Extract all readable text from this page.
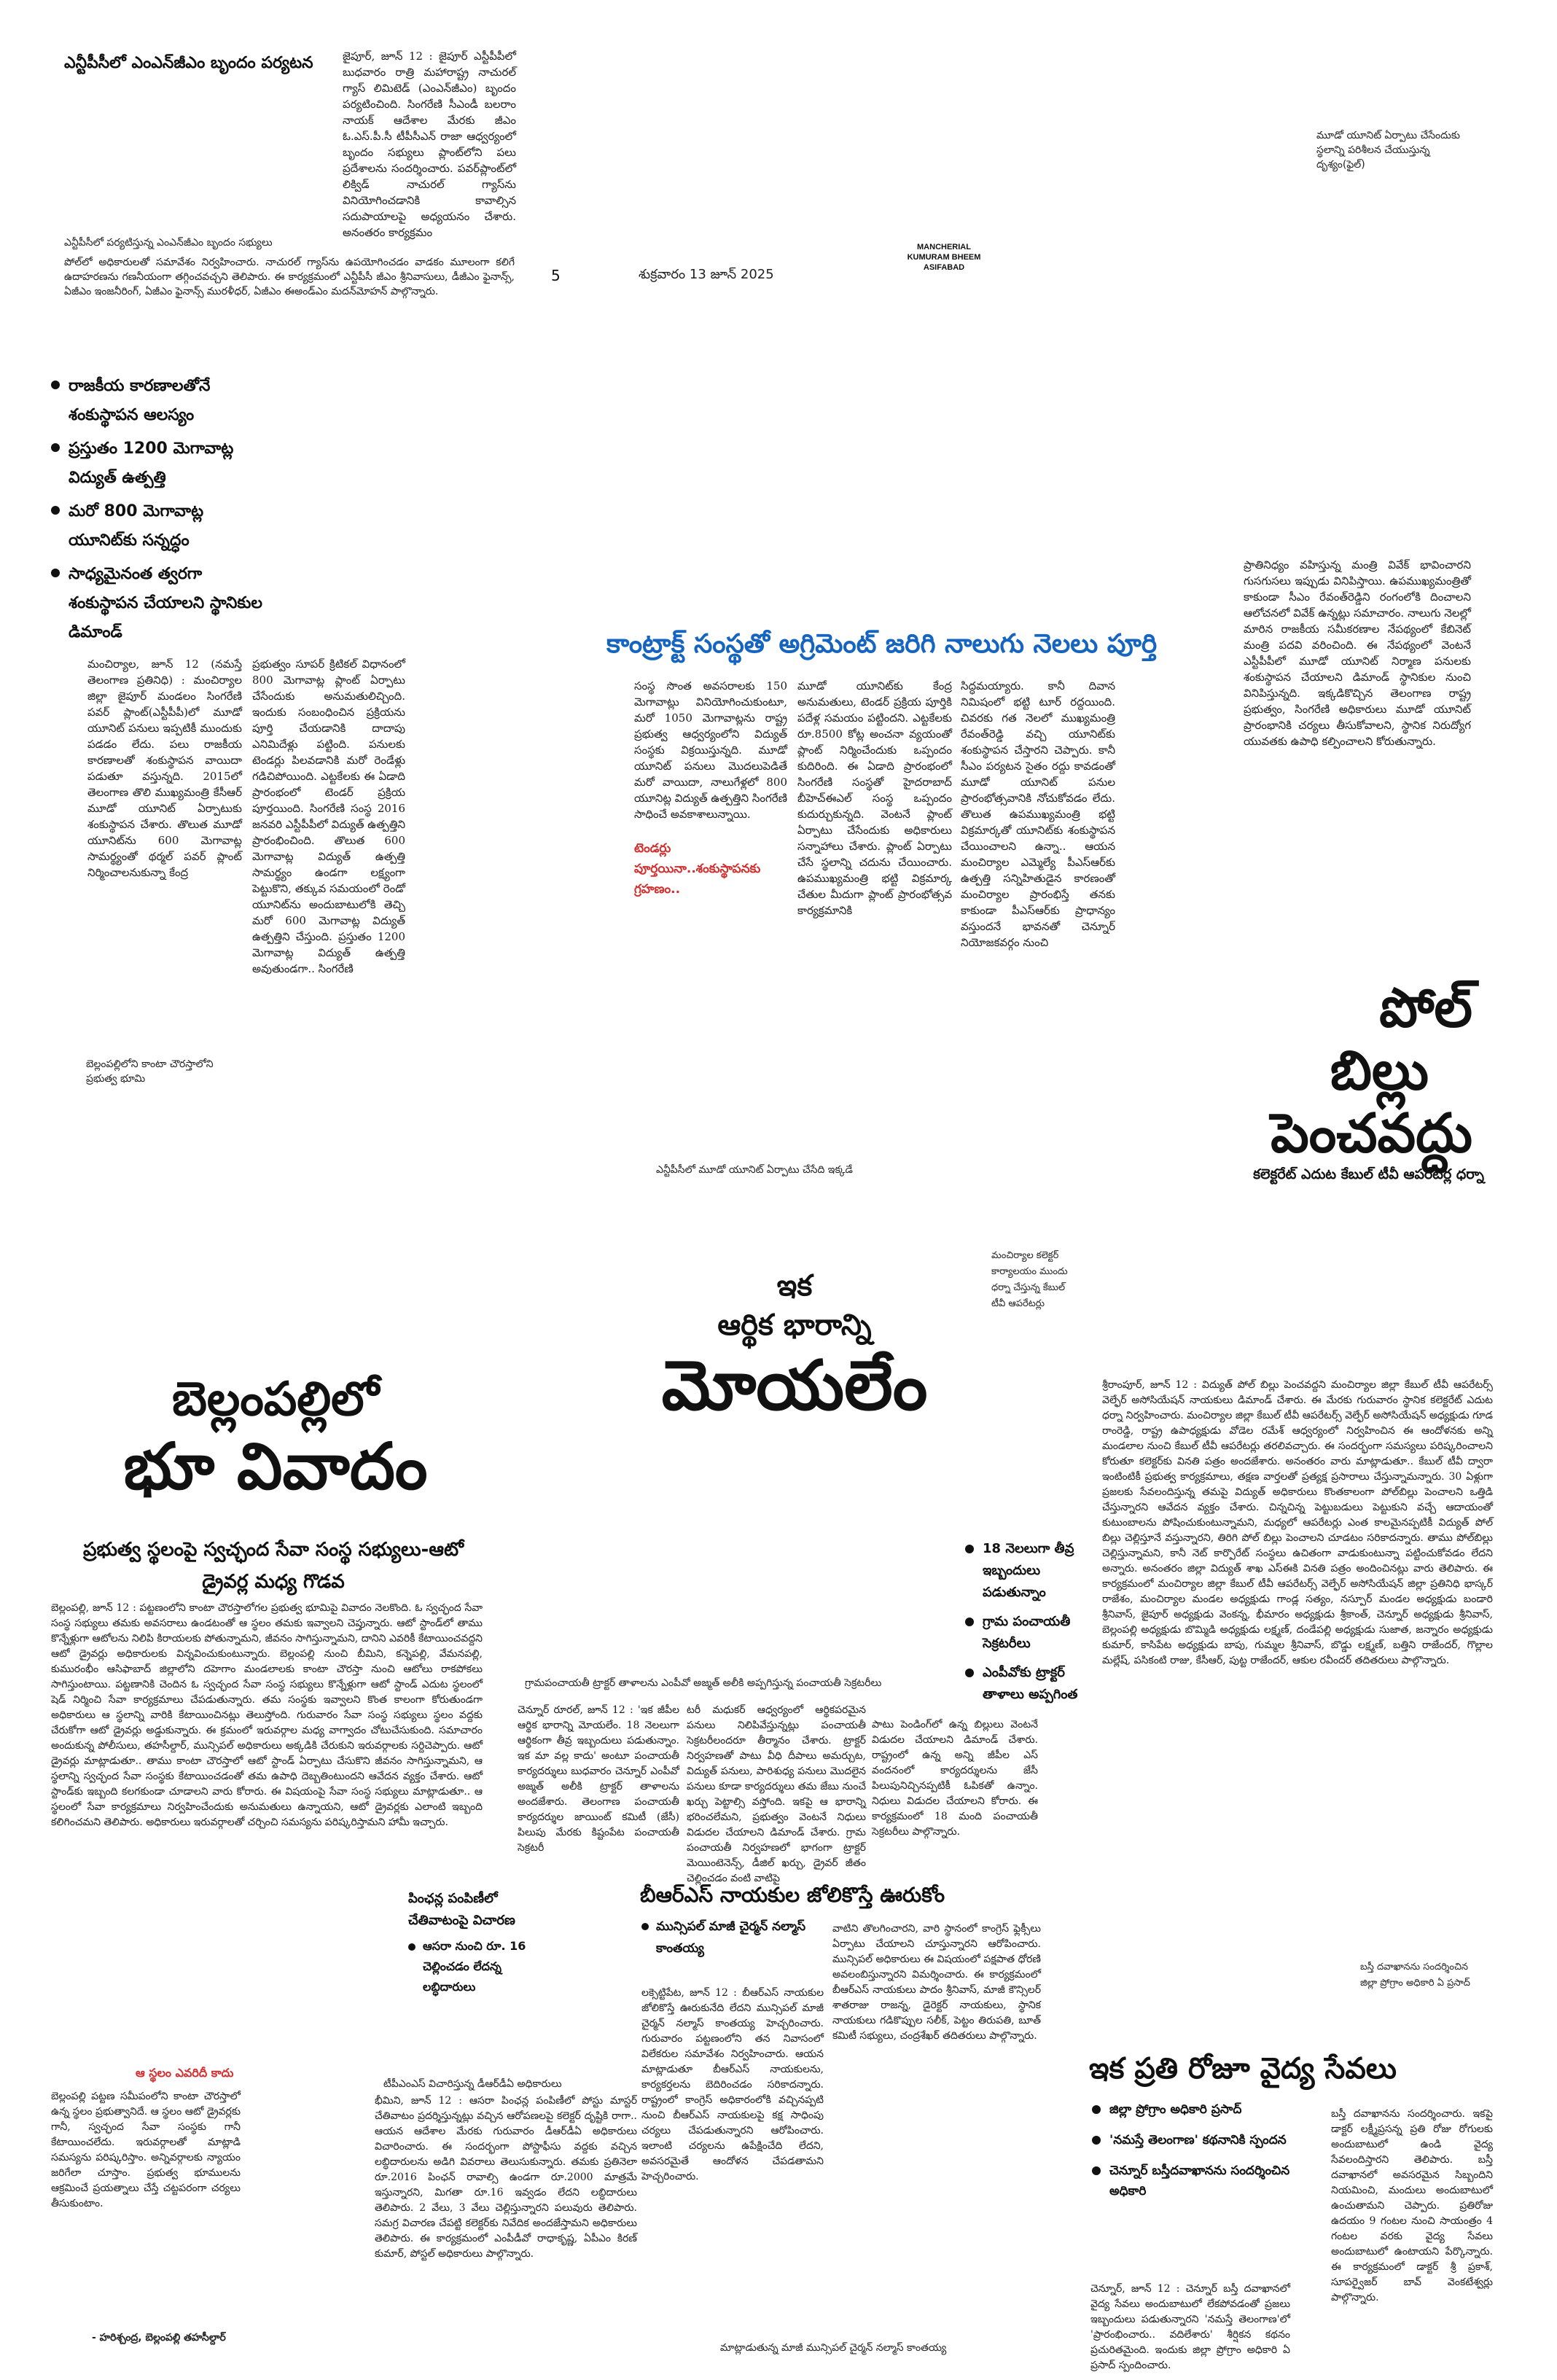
5	శుక్రవారం 13 జూన్ 2025
MANCHERIAL
KUMURAM BHEEM
ASIFABAD
ఎన్టీపీసీలో ఎంఎన్‌జీఎం బృందం పర్యటన	జైపూర్, జూన్ 12 : జైపూర్ ఎస్టీపీపీలో బుధవారం రాత్రి మహారాష్ట్ర నాచురల్ గ్యాస్ లిమిటెడ్ (ఎంఎన్‌జీఎం) బృందం పర్యటించింది. సింగరేణి సీఎండీ బలరాం నాయక్ ఆదేశాల మేరకు జీఎం ఓ.ఎస్.పీ.సీ టీపీసీఎన్ రాజా ఆధ్వర్యంలో బృందం సభ్యులు ప్లాంట్‌లోని పలు ప్రదేశాలను సందర్శించారు. పవర్‌ప్లాంట్‌లో లిక్విడ్ నాచురల్ గ్యాస్‌ను వినియోగించడానికి కావాల్సిన సదుపాయాలపై అధ్యయనం చేశారు. అనంతరం కార్యక్రమం
ఎన్టీపీసీలో పర్యటిస్తున్న ఎంఎన్‌జీఎం బృందం సభ్యులు
పోల్‌లో అధికారులతో సమావేశం నిర్వహించారు. నాచురల్ గ్యాస్‌ను ఉపయోగించడం వాడకం మూలంగా కలిగే ఉదాహరణను గణనీయంగా తగ్గించవచ్చని తెలిపారు. ఈ కార్యక్రమంలో ఎన్టీపీసీ జీఎం శ్రీనివాసులు, డీజీఎం ఫైనాన్స్, ఏజీఎం ఇంజనీరింగ్, ఏజీఎం ఫైనాన్స్ మురళీధర్, ఏజీఎం ఈఅండ్‌ఎం మదన్‌మోహన్ పాల్గొన్నారు.
మూడో యూనిట్ ఏర్పాటు చేసేందుకు స్థలాన్ని పరిశీలన చేయుస్తున్న దృశ్యం(ఫైల్)
రాజకీయ కారణాలతోనే శంకుస్థాపన ఆలస్యం
ప్రస్తుతం 1200 మెగావాట్ల విద్యుత్ ఉత్పత్తి
మరో 800 మెగావాట్ల యూనిట్‌కు సన్నద్ధం
సాధ్యమైనంత త్వరగా శంకుస్థాపన చేయాలని స్థానికుల డిమాండ్	కాంట్రాక్ట్ సంస్థతో అగ్రిమెంట్ జరిగి నాలుగు నెలలు పూర్తి
మంచిర్యాల, జూన్ 12 (నమస్తే తెలంగాణ ప్రతినిధి) : మంచిర్యాల జిల్లా జైపూర్ మండలం సింగరేణి పవర్ ప్లాంట్(ఎస్టీపీపీ)లో మూడో యూనిట్ పనులు ఇప్పటికీ ముందుకు పడడం లేదు. పలు రాజకీయ కారణాలతో శంకుస్థాపన వాయిదా పడుతూ వస్తున్నది. 2015లో తెలంగాణ తొలి ముఖ్యమంత్రి కేసీఆర్ మూడో యూనిట్ ఏర్పాటుకు శంకుస్థాపన చేశారు. తొలుత మూడో యూనిట్‌ను 600 మెగావాట్ల సామర్థ్యంతో థర్మల్ పవర్ ప్లాంట్ నిర్మించాలనుకున్నా కేంద్ర
ప్రభుత్వం సూపర్ క్రిటికల్ విధానంలో 800 మెగావాట్ల ప్లాంట్ ఏర్పాటు చేసేందుకు అనుమతులిచ్చింది. ఇందుకు సంబంధించిన ప్రక్రియను పూర్తి చేయడానికి దాదాపు ఎనిమిదేళ్లు పట్టింది. పనులకు టెండర్లు పిలవడానికి మరో రెండేళ్లు గడిచిపోయింది. ఎట్టకేలకు ఈ ఏడాది ప్రారంభంలో టెండర్ ప్రక్రియ పూర్తయింది. సింగరేణి సంస్థ 2016 జనవరి ఎస్టీపీపీలో విద్యుత్ ఉత్పత్తిని ప్రారంభించింది. తొలుత 600 మెగావాట్ల విద్యుత్ ఉత్పత్తి సామర్థ్యం ఉండగా లక్ష్యంగా పెట్టుకొని, తక్కువ సమయంలో రెండో యూనిట్‌ను అందుబాటులోకి తెచ్చి మరో 600 మెగావాట్ల విద్యుత్ ఉత్పత్తిని చేస్తుంది. ప్రస్తుతం 1200 మెగావాట్ల విద్యుత్ ఉత్పత్తి అవుతుండగా.. సింగరేణి
సంస్థ సొంత అవసరాలకు 150 మెగావాట్లు వినియోగించుకుంటూ, మరో 1050 మెగావాట్లను రాష్ట్ర ప్రభుత్వ ఆధ్వర్యంలోని విద్యుత్ సంస్థకు విక్రయిస్తున్నది. మూడో యూనిట్ పనులు మొదలుపెడితే మరో వాయిదా, నాలుగేళ్లలో 800 యూనిట్ల విద్యుత్ ఉత్పత్తిని సింగరేణి సాధించే అవకాశాలున్నాయి.
టెండర్లు పూర్తయినా..శంకుస్థాపనకు గ్రహణం..
మూడో యూనిట్‌కు కేంద్ర అనుమతులు, టెండర్ ప్రక్రియ పూర్తికి పదేళ్ల సమయం పట్టిందని. ఎట్టకేలకు రూ.8500 కోట్ల అంచనా వ్యయంతో ప్లాంట్ నిర్మించేందుకు ఒప్పందం కుదిరింది. ఈ ఏడాది ప్రారంభంలో సింగరేణి సంస్థతో హైదరాబాద్ బీహెచ్ఈఎల్ సంస్థ ఒప్పందం కుదుర్చుకున్నది. వెంటనే ప్లాంట్ ఏర్పాటు చేసేందుకు అధికారులు సన్నాహాలు చేశారు. ప్లాంట్ ఏర్పాటు చేసే స్థలాన్ని చదును చేయించారు. ఉపముఖ్యమంత్రి భట్టి విక్రమార్క చేతుల మీదుగా ప్లాంట్ ప్రారంభోత్సవ కార్యక్రమానికి
సిద్ధమయ్యారు. కానీ దివాన నిమిషంలో భట్టి టూర్ రద్దయింది. చివరకు గత నెలలో ముఖ్యమంత్రి రేవంత్‌రెడ్డి వచ్చి యూనిట్‌కు శంకుస్థాపన చేస్తారని చెప్పారు. కానీ సీఎం పర్యటన సైతం రద్దు కావడంతో మూడో యూనిట్ పనుల ప్రారంభోత్సవానికి నోచుకోవడం లేదు. తొలుత ఉపముఖ్యమంత్రి భట్టి విక్రమార్కతో యూనిట్‌కు శంకుస్థాపన చేయించాలని ఉన్నా.. ఆయన మంచిర్యాల ఎమ్మెల్యే పీఎస్‌ఆర్‌కు ఉత్పత్తి సన్నిహితుడైన కారణంతో మంచిర్యాల ప్రారంభిస్తే తనకు కాకుండా పీఎస్‌ఆర్‌కు ప్రాధాన్యం వస్తుందనే భావనతో చెన్నూర్ నియోజకవర్గం నుంచి
ప్రాతినిధ్యం వహిస్తున్న మంత్రి వివేక్ భావించారని గుసగుసలు ఇప్పుడు వినిపిస్తాయి. ఉపముఖ్యమంత్రితో కాకుండా సీఎం రేవంత్‌రెడ్డిని రంగంలోకి దించాలని ఆలోచనలో వివేక్ ఉన్నట్లు సమాచారం. నాలుగు నెలల్లో మారిన రాజకీయ సమీకరణాల నేపథ్యంలో కేబినెట్ మంత్రి పదవి వరించింది. ఈ నేపథ్యంలో వెంటనే ఎస్టీపీపీలో మూడో యూనిట్ నిర్మాణ పనులకు శంకుస్థాపన చేయాలని డిమాండ్ స్థానికుల నుంచి వినిపిస్తున్నది. ఇక్కడికొచ్చిన తెలంగాణ రాష్ట్ర ప్రభుత్వం, సింగరేణి అధికారులు మూడో యూనిట్ ప్రారంభానికి చర్యలు తీసుకోవాలని, స్థానిక నిరుద్యోగ యువతకు ఉపాధి కల్పించాలని కోరుతున్నారు.
బెల్లంపల్లిలోని కాంటా చౌరస్తాలోని ప్రభుత్వ భూమి
పోల్
బిల్లు
పెంచవద్దు
కలెక్టరేట్ ఎదుట కేబుల్ టీవీ ఆపరేటర్ల ధర్నా
ఎన్టీపీసీలో మూడో యూనిట్ ఏర్పాటు చేసేది ఇక్కడే
మంచిర్యాల కలెక్టర్ కార్యాలయం ముందు ధర్నా చేస్తున్న కేబుల్ టీవీ ఆపరేటర్లు
శ్రీరాంపూర్, జూన్ 12 : విద్యుత్ పోల్ బిల్లు పెంచవద్దని మంచిర్యాల జిల్లా కేబుల్ టీవీ ఆపరేటర్స్ వెల్ఫేర్ అసోసియేషన్ నాయకులు డిమాండ్ చేశారు. ఈ మేరకు గురువారం స్థానిక కలెక్టరేట్ ఎదుట ధర్నా నిర్వహించారు. మంచిర్యాల జిల్లా కేబుల్ టీవీ ఆపరేటర్స్ వెల్ఫేర్ అసోసియేషన్ అధ్యక్షుడు గూడ రాంరెడ్డి, రాష్ట్ర ఉపాధ్యక్షుడు వోడెల రమేశ్ ఆధ్వర్యంలో నిర్వహించిన ఈ ఆందోళనకు అన్ని మండలాల నుంచి కేబుల్ టీవీ ఆపరేటర్లు తరలివచ్చారు. ఈ సందర్భంగా సమస్యలు పరిష్కరించాలని కోరుతూ కలెక్టర్‌కు వినతి పత్రం అందజేశారు. అనంతరం వారు మాట్లాడుతూ.. కేబుల్ టీవీ ద్వారా ఇంటింటికీ ప్రభుత్వ కార్యక్రమాలు, తక్షణ వార్తలతో ప్రత్యక్ష ప్రసారాలు చేస్తున్నామన్నారు. 30 ఏళ్లుగా ప్రజలకు సేవలందిస్తున్న తమపై విద్యుత్ అధికారులు కొంతకాలంగా పోల్‌బిల్లు పెంచాలని ఒత్తిడి చేస్తున్నారని ఆవేదన వ్యక్తం చేశారు. చిన్నచిన్న పెట్టుబడులు పెట్టుకుని వచ్చే ఆదాయంతో కుటుంబాలను పోషించుకుంటున్నామని, మధ్యలో ఆపరేటర్లు ఎంత కాలమైనప్పటికీ విద్యుత్ పోల్ బిల్లు చెల్లిస్తూనే వస్తున్నారని, తిరిగి పోల్ బిల్లు పెంచాలని చూడటం సరికాదన్నారు. తాము పోల్‌బిల్లు చెల్లిస్తున్నామని, కానీ నెట్ కార్పొరేట్ సంస్థలు ఉచితంగా వాడుకుంటున్నా పట్టించుకోవడం లేదని అన్నారు. అనంతరం జిల్లా విద్యుత్ శాఖ ఎస్‌ఈకి వినతి పత్రం అందించినట్లు వారు తెలిపారు. ఈ కార్యక్రమంలో మంచిర్యాల జిల్లా కేబుల్ టీవీ ఆపరేటర్స్ వెల్ఫేర్ అసోసియేషన్ జిల్లా ప్రతినిధి భాస్కర్ రాజేశం, మంచిర్యాల మండల అధ్యక్షుడు గాండ్ల సత్యం, నస్పూర్ మండల అధ్యక్షుడు బండారి శ్రీనివాస్, జైపూర్ అధ్యక్షుడు వెంకన్న, భీమారం అధ్యక్షుడు శ్రీకాంత్, చెన్నూర్ అధ్యక్షుడు శ్రీనివాస్, బెల్లంపల్లి అధ్యక్షుడు బొమ్మిడి అధ్యక్షుడు లక్ష్మణ్, దండేపల్లి అధ్యక్షుడు సుజాత, జన్నారం అధ్యక్షుడు కుమార్, కాసిపేట అధ్యక్షుడు బాపు, గుమ్మల శ్రీనివాస్, బొడ్డు లక్ష్మణ్, బత్తిని రాజేందర్, గొల్లాల మల్లేష్, పసికంటి రాజు, కేసీఆర్, పుట్ట రాజేందర్, ఆకుల రవీందర్ తదితరులు పాల్గొన్నారు.
బెల్లంపల్లిలో
భూ వివాదం
ప్రభుత్వ స్థలంపై స్వచ్ఛంద సేవా సంస్థ సభ్యులు-ఆటో డ్రైవర్ల మధ్య గొడవ
బెల్లంపల్లి, జూన్ 12 : పట్టణంలోని కాంటా చౌరస్తాలోగల ప్రభుత్వ భూమిపై వివాదం నెలకొంది. ఓ స్వచ్ఛంద సేవా సంస్థ సభ్యులు తమకు అవసరాలు ఉండటంతో ఆ స్థలం తమకు ఇవ్వాలని చెప్తున్నారు. ఆటో స్టాండ్‌లో తాము కొన్నేళ్లుగా ఆటోలను నిలిపి కిరాయలకు పోతున్నామని, జీవనం సాగిస్తున్నామని, దానిని ఎవరికీ కేటాయించవద్దని ఆటో డ్రైవర్లు అధికారులకు విన్నవించుకుంటున్నారు. బెల్లంపల్లి నుంచి బీమిని, కన్నెపల్లి, వేమనపల్లి, కుమురంభీం ఆసిఫాబాద్ జిల్లాలోని దహెగాం మండలాలకు కాంటా చౌరస్తా నుంచి ఆటోలు రాకపోకలు సాగిస్తుంటాయి. పట్టణానికి చెందిన ఓ స్వచ్ఛంద సేవా సంస్థ సభ్యులు కొన్నేళ్లుగా ఆటో స్టాండ్ ఎదుట స్థలంలో షెడ్ నిర్మించి సేవా కార్యక్రమాలు చేపడుతున్నారు. తమ సంస్థకు ఇవ్వాలని కొంత కాలంగా కోరుతుండగా అధికారులు ఆ స్థలాన్ని వారికి కేటాయించినట్లు తెలుస్తోంది. గురువారం సేవా సంస్థ సభ్యులు స్థలం వద్దకు చేరుకోగా ఆటో డ్రైవర్లు అడ్డుకున్నారు. ఈ క్రమంలో ఇరువర్గాల మధ్య వాగ్వాదం చోటుచేసుకుంది. సమాచారం అందుకున్న పోలీసులు, తహసీల్దార్, మున్సిపల్ అధికారులు అక్కడికి చేరుకుని ఇరువర్గాలకు సర్దిచెప్పారు. ఆటో డ్రైవర్లు మాట్లాడుతూ.. తాము కాంటా చౌరస్తాలో ఆటో స్టాండ్ ఏర్పాటు చేసుకొని జీవనం సాగిస్తున్నామని, ఆ స్థలాన్ని స్వచ్ఛంద సేవా సంస్థకు కేటాయించడంతో తమ ఉపాధి దెబ్బతింటుందని ఆవేదన వ్యక్తం చేశారు. ఆటో స్టాండ్‌కు ఇబ్బంది కలగకుండా చూడాలని వారు కోరారు. ఈ విషయంపై సేవా సంస్థ సభ్యులు మాట్లాడుతూ.. ఆ స్థలంలో సేవా కార్యక్రమాలు నిర్వహించేందుకు అనుమతులు ఉన్నాయని, ఆటో డ్రైవర్లకు ఎలాంటి ఇబ్బంది కలిగించమని తెలిపారు. అధికారులు ఇరువర్గాలతో చర్చించి సమస్యను పరిష్కరిస్తామని హామీ ఇచ్చారు.
ఆ స్థలం ఎవరిదీ కాదు
బెల్లంపల్లి పట్టణ సమీపంలోని కాంటా చౌరస్తాలో ఉన్న స్థలం ప్రభుత్వానిదే. ఆ స్థలం ఆటో డ్రైవర్లకు గానీ, స్వచ్ఛంద సేవా సంస్థకు గానీ కేటాయించలేదు. ఇరువర్గాలతో మాట్లాడి సమస్యను పరిష్కరిస్తాం. అన్నివర్గాలకు న్యాయం జరిగేలా చూస్తాం. ప్రభుత్వ భూములను ఆక్రమించే ప్రయత్నాలు చేస్తే చట్టపరంగా చర్యలు తీసుకుంటాం.
- హరిశ్చంద్ర, బెల్లంపల్లి తహసీల్దార్
ఇక
ఆర్థిక భారాన్ని
మోయలేం
18 నెలలుగా తీవ్ర ఇబ్బందులు పడుతున్నాం
గ్రామ పంచాయతీ సెక్రటరీలు
ఎంపీవోకు ట్రాక్టర్ తాళాలు అప్పగింత
గ్రామపంచాయతీ ట్రాక్టర్ తాళాలను ఎంపీవో అజ్మత్ అలీకి అప్పగిస్తున్న పంచాయతీ సెక్రటరీలు
చెన్నూర్ రూరల్, జూన్ 12 : 'ఇక జీపీల ఆర్థిక భారాన్ని మోయలేం. 18 నెలలుగా ఆర్థికంగా తీవ్ర ఇబ్బందులు పడుతున్నాం. ఇక మా వల్ల కాదు' అంటూ పంచాయతీ కార్యదర్శులు బుధవారం చెన్నూర్ ఎంపీవో అజ్మత్ అలీకి ట్రాక్టర్ తాళాలను అందజేశారు. తెలంగాణ పంచాయతీ కార్యదర్శుల జాయింట్ కమిటీ (జేసీ) పిలుపు మేరకు కిష్టంపేట పంచాయతీ సెక్రటరీ
టరీ మధుకర్ ఆధ్వర్యంలో ఆర్థికపరమైన పనులు నిలిపివేస్తున్నట్లు పంచాయతీ సెక్రటరీలందరూ తీర్మానం చేశారు. ట్రాక్టర్ నిర్వహణతో పాటు వీధి దీపాలు అమర్చుట, విద్యుత్ పనులు, పారిశుధ్య పనులు మొదలైన పనులు కూడా కార్యదర్శులు తమ జేబు నుంచే ఖర్చు పెట్టాల్సి వస్తోంది. ఇకపై ఆ భారాన్ని భరించలేమని, ప్రభుత్వం వెంటనే నిధులు విడుదల చేయాలని డిమాండ్ చేశారు. గ్రామ పంచాయతీ నిర్వహణలో భాగంగా ట్రాక్టర్ మెయింటెనెన్స్, డీజిల్ ఖర్చు, డ్రైవర్ జీతం చెల్లించడం వంటి వాటిపై
పాటు పెండింగ్‌లో ఉన్న బిల్లులు వెంటనే విడుదల చేయాలని డిమాండ్ చేశారు. రాష్ట్రంలో ఉన్న అన్ని జీపీల ఎస్ వందనంలో కార్యదర్శులను జేసీ పిలుపునిచ్చినప్పటికీ ఓపికతో ఉన్నాం. నిధులు విడుదల చేయాలని కోరారు. ఈ కార్యక్రమంలో 18 మంది పంచాయతీ సెక్రటరీలు పాల్గొన్నారు.
పింఛన్ల పంపిణీలో చేతివాటంపై విచారణ
ఆసరా నుంచి రూ. 16 చెల్లించడం లేదన్న లబ్ధిదారులు
టీపీఎంఎస్ విచారిస్తున్న డీఆర్‌డీఏ అధికారులు
భీమిని, జూన్ 12 : ఆసరా పింఛన్ల పంపిణీలో పోస్టు మాస్టర్ చేతివాటం ప్రదర్శిస్తున్నట్లు వచ్చిన ఆరోపణలపై కలెక్టర్ దృష్టికి రాగా.. ఆయన ఆదేశాల మేరకు గురువారం డీఆర్‌డీఏ అధికారులు విచారించారు. ఈ సందర్భంగా పోస్టాఫీసు వద్దకు వచ్చిన లబ్ధిదారులను అడిగి వివరాలు తెలుసుకున్నారు. తమకు ప్రతినెలా రూ.2016 పింఛన్ రావాల్సి ఉండగా రూ.2000 మాత్రమే ఇస్తున్నారని, మిగతా రూ.16 ఇవ్వడం లేదని లబ్ధిదారులు తెలిపారు. 2 వేలు, 3 వేలు చెల్లిస్తున్నారని పలువురు తెలిపారు. సమగ్ర విచారణ చేపట్టి కలెక్టర్‌కు నివేదిక అందజేస్తామని అధికారులు తెలిపారు. ఈ కార్యక్రమంలో ఎంపీడీవో రాధాకృష్ణ, ఏపీఎం కిరణ్ కుమార్, పోస్టల్ అధికారులు పాల్గొన్నారు.
బీఆర్ఎస్ నాయకుల జోలికొస్తే ఊరుకోం
మున్సిపల్ మాజీ చైర్మన్ నల్మాస్ కాంతయ్య
లక్సెట్టిపేట, జూన్ 12 : బీఆర్ఎస్ నాయకుల జోలికొస్తే ఊరుకునేది లేదని మున్సిపల్ మాజీ చైర్మన్ నల్మాస్ కాంతయ్య హెచ్చరించారు. గురువారం పట్టణంలోని తన నివాసంలో విలేకరుల సమావేశం నిర్వహించారు. ఆయన మాట్లాడుతూ బీఆర్ఎస్ నాయకులను, కార్యకర్తలను బెదిరించడం సరికాదన్నారు. రాష్ట్రంలో కాంగ్రెస్ అధికారంలోకి వచ్చినప్పటి నుంచి బీఆర్ఎస్ నాయకులపై కక్ష సాధింపు చర్యలు చేపడుతున్నారని ఆరోపించారు. ఇలాంటి చర్యలను ఉపేక్షించేది లేదని, అవసరమైతే ఆందోళన చేపడతామని హెచ్చరించారు.
వాటిని తొలగించారని, వారి స్థానంలో కాంగ్రెస్ ఫ్లెక్సీలు ఏర్పాటు చేయాలని చూస్తున్నారని ఆరోపించారు. మున్సిపల్ అధికారులు ఈ విషయంలో పక్షపాత ధోరణి అవలంబిస్తున్నారని విమర్శించారు. ఈ కార్యక్రమంలో బీఆర్ఎస్ నాయకులు పాదం శ్రీనివాస్, మాజీ కౌన్సిలర్ శాతరాజు రాజన్న, డైరెక్టర్ నాయకులు, స్థానిక నాయకులు గడికొప్పుల సలీక్, పెట్టం తిరుపతి, బూత్ కమిటీ సభ్యులు, చంద్రశేఖర్ తదితరులు పాల్గొన్నారు.
మాట్లాడుతున్న మాజీ మున్సిపల్ చైర్మన్ నల్మాస్ కాంతయ్య
బస్తీ దవాఖానను సందర్శించిన జిల్లా ప్రోగ్రాం అధికారి ఏ ప్రసాద్
ఇక ప్రతి రోజూ వైద్య సేవలు
జిల్లా ప్రోగ్రాం అధికారి ప్రసాద్
'నమస్తే తెలంగాణ' కథనానికి స్పందన
చెన్నూర్ బస్తీదవాఖానను సందర్శించిన అధికారి
చెన్నూర్, జూన్ 12 : చెన్నూర్ బస్తీ దవాఖానలో వైద్య సేవలు అందుబాటులో లేకపోవడంతో ప్రజలు ఇబ్బందులు పడుతున్నారని 'నమస్తే తెలంగాణ'లో 'ప్రారంభించారు.. వదిలేశారు' శీర్షికన కథనం ప్రచురితమైంది. ఇందుకు జిల్లా ప్రోగ్రాం అధికారి ఏ ప్రసాద్ స్పందించారు.
బస్తీ దవాఖానను సందర్శించారు. ఇకపై డాక్టర్ లక్ష్మీప్రసన్న ప్రతి రోజు రోగులకు అందుబాటులో ఉండి వైద్య సేవలందిస్తారని తెలిపారు. బస్తీ దవాఖానలో అవసరమైన సిబ్బందిని నియమించి, మందులు అందుబాటులో ఉంచుతామని చెప్పారు. ప్రతిరోజు ఉదయం 9 గంటల నుంచి సాయంత్రం 4 గంటల వరకు వైద్య సేవలు అందుబాటులో ఉంటాయని పేర్కొన్నారు. ఈ కార్యక్రమంలో డాక్టర్ శ్రీ ప్రకాశ్, సూపర్వైజర్ బావ్ వెంకటేశ్వర్లు పాల్గొన్నారు.
